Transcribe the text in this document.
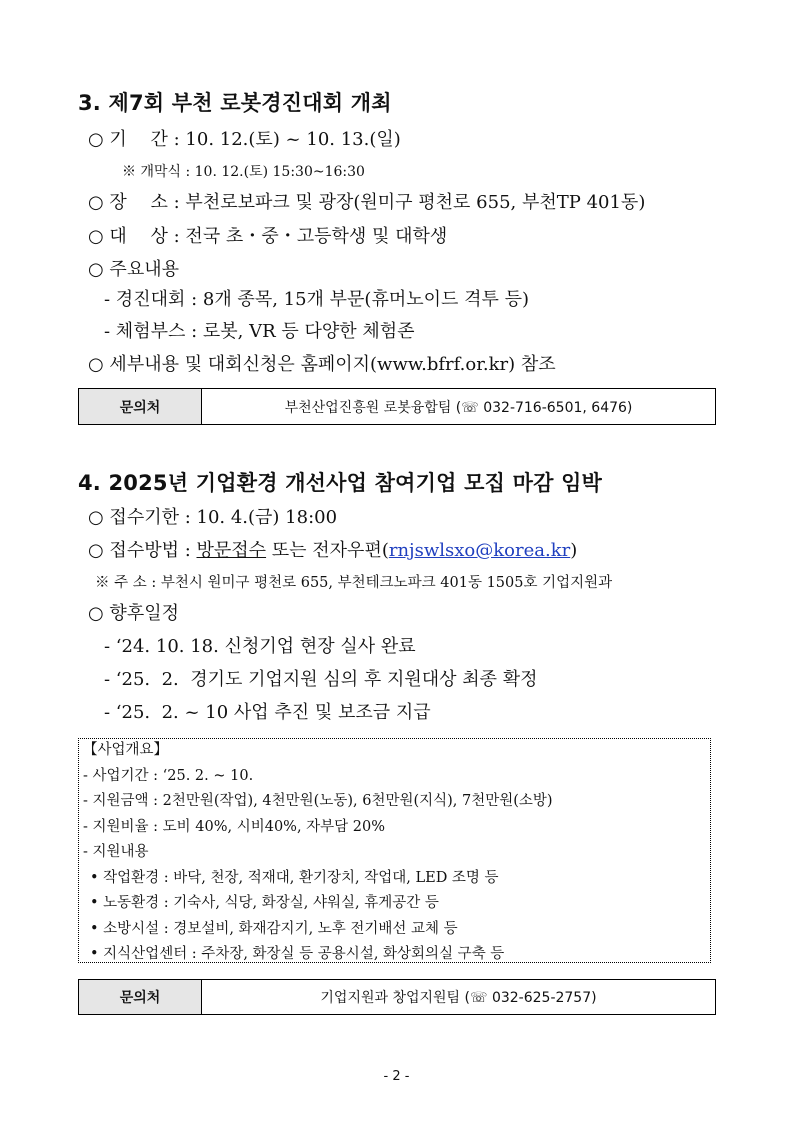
3. 제7회 부천 로봇경진대회 개최
○ 기　 간 : 10. 12.(토) ~ 10. 13.(일)
※ 개막식 : 10. 12.(토) 15:30~16:30
○ 장　 소 : 부천로보파크 및 광장(원미구 평천로 655, 부천TP 401동)
○ 대　 상 : 전국 초・중・고등학생 및 대학생
○ 주요내용
- 경진대회 : 8개 종목, 15개 부문(휴머노이드 격투 등)
- 체험부스 : 로봇, VR 등 다양한 체험존
○ 세부내용 및 대회신청은 홈페이지(www.bfrf.or.kr) 참조
문의처	부천산업진흥원 로봇융합팀 (☏ 032-716-6501, 6476)
4. 2025년 기업환경 개선사업 참여기업 모집 마감 임박
○ 접수기한 : 10. 4.(금) 18:00
○ 접수방법 : 방문접수 또는 전자우편(rnjswlsxo@korea.kr)
※ 주 소 : 부천시 원미구 평천로 655, 부천테크노파크 401동 1505호 기업지원과
○ 향후일정
- ‘24. 10. 18. 신청기업 현장 실사 완료
- ‘25.  2.  경기도 기업지원 심의 후 지원대상 최종 확정
- ‘25.  2. ~ 10 사업 추진 및 보조금 지급
【사업개요】
- 사업기간 : ‘25. 2. ~ 10.
- 지원금액 : 2천만원(작업), 4천만원(노동), 6천만원(지식), 7천만원(소방)
- 지원비율 : 도비 40%, 시비40%, 자부담 20%
- 지원내용
• 작업환경 : 바닥, 천장, 적재대, 환기장치, 작업대, LED 조명 등
• 노동환경 : 기숙사, 식당, 화장실, 샤워실, 휴게공간 등
• 소방시설 : 경보설비, 화재감지기, 노후 전기배선 교체 등
• 지식산업센터 : 주차장, 화장실 등 공용시설, 화상회의실 구축 등
문의처	기업지원과 창업지원팀 (☏ 032-625-2757)
- 2 -
